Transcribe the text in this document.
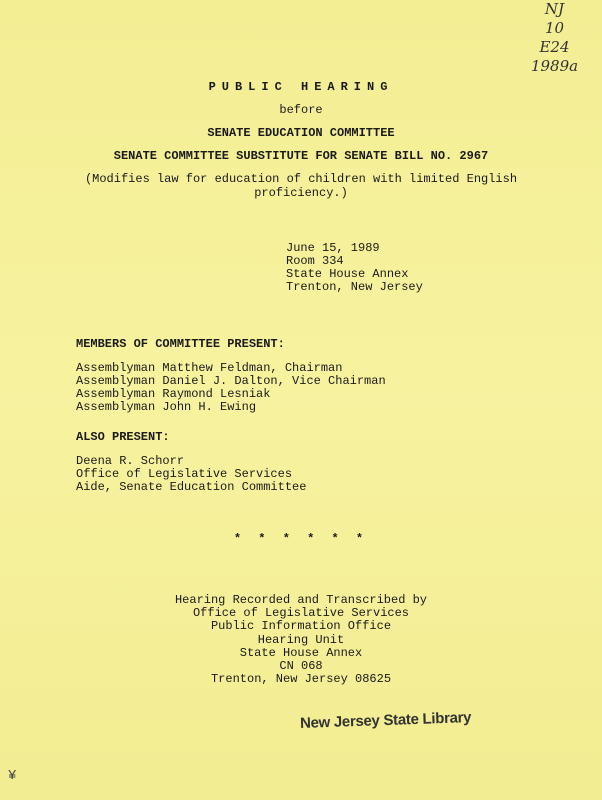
NJ
10
E24
1989a
PUBLIC HEARING
before
SENATE EDUCATION COMMITTEE
SENATE COMMITTEE SUBSTITUTE FOR SENATE BILL NO. 2967
(Modifies law for education of children with limited English
proficiency.)
June 15, 1989
Room 334
State House Annex
Trenton, New Jersey
MEMBERS OF COMMITTEE PRESENT:
Assemblyman Matthew Feldman, Chairman
Assemblyman Daniel J. Dalton, Vice Chairman
Assemblyman Raymond Lesniak
Assemblyman John H. Ewing
ALSO PRESENT:
Deena R. Schorr
Office of Legislative Services
Aide, Senate Education Committee
* * * * * *
Hearing Recorded and Transcribed by
Office of Legislative Services
Public Information Office
Hearing Unit
State House Annex
CN 068
Trenton, New Jersey 08625
New Jersey State Library
¥
